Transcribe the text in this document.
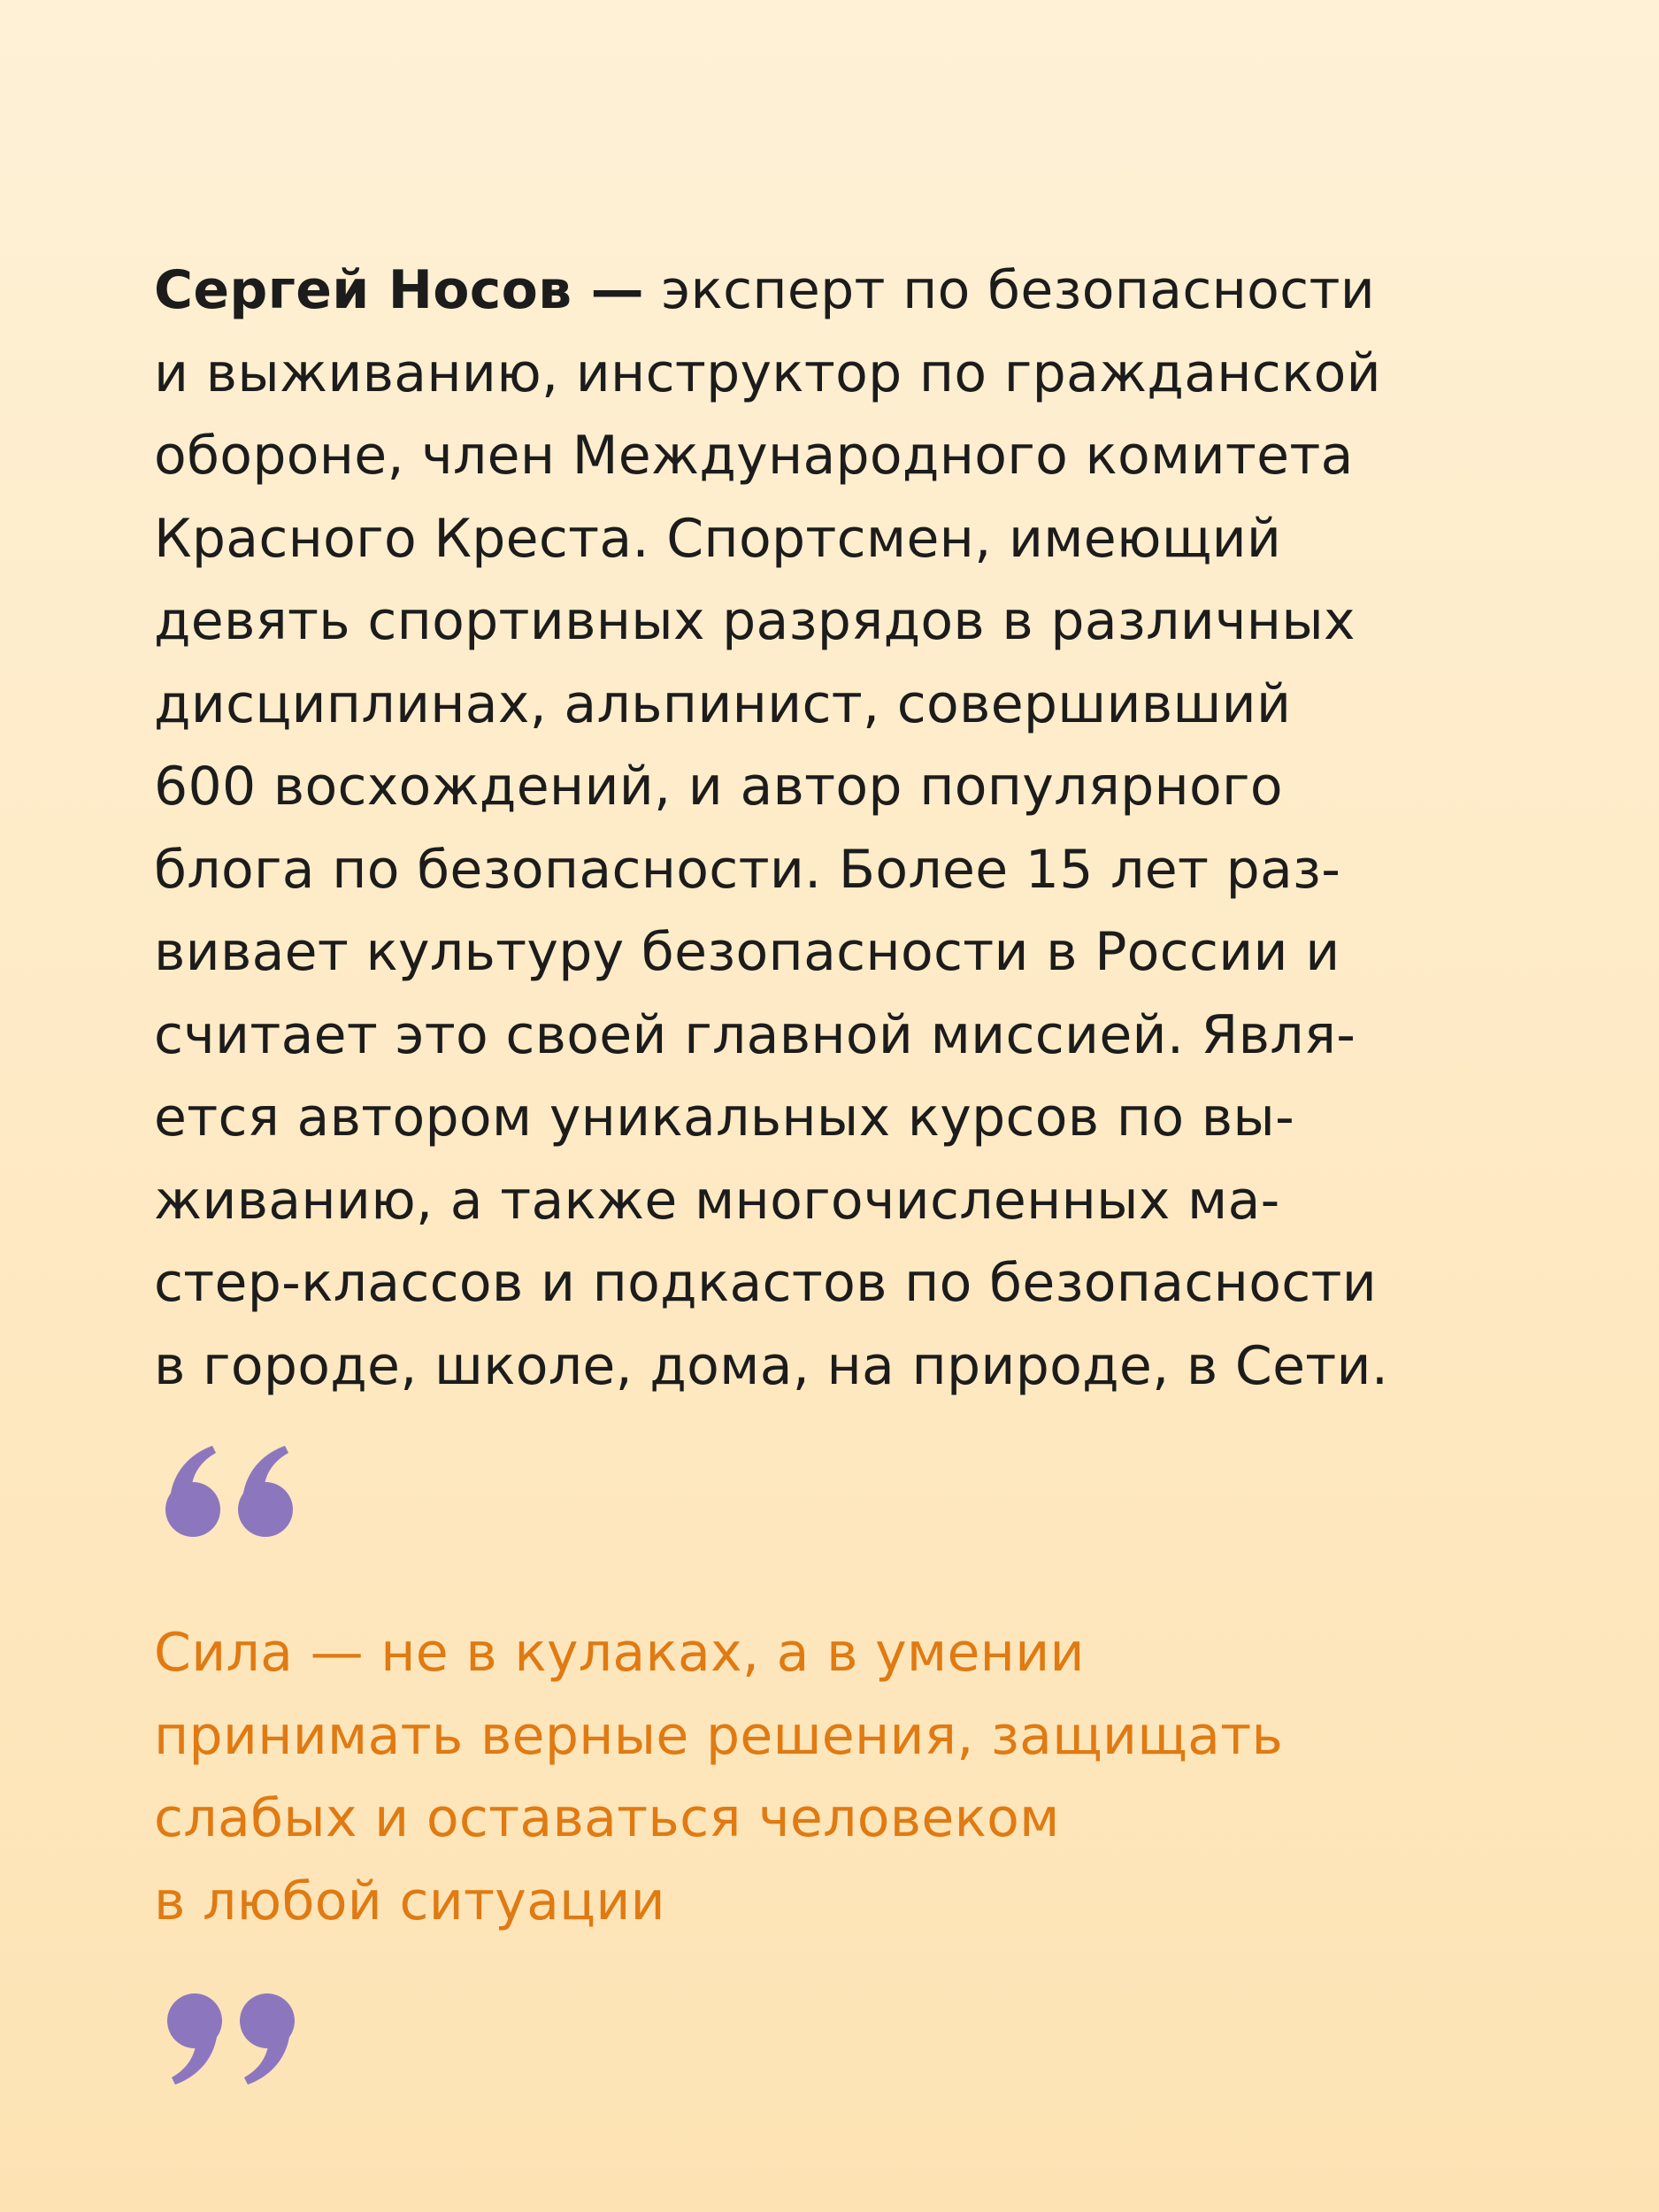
Сергей Носов — эксперт по безопасности
и выживанию, инструктор по гражданской
обороне, член Международного комитета
Красного Креста. Спортсмен, имеющий
девять спортивных разрядов в различных
дисциплинах, альпинист, совершивший
600 восхождений, и автор популярного
блога по безопасности. Более 15 лет раз-
вивает культуру безопасности в России и
считает это своей главной миссией. Явля-
ется автором уникальных курсов по вы-
живанию, а также многочисленных ма-
стер-классов и подкастов по безопасности
в городе, школе, дома, на природе, в Сети.

Сила — не в кулаках, а в умении
принимать верные решения, защищать
слабых и оставаться человеком
в любой ситуации
